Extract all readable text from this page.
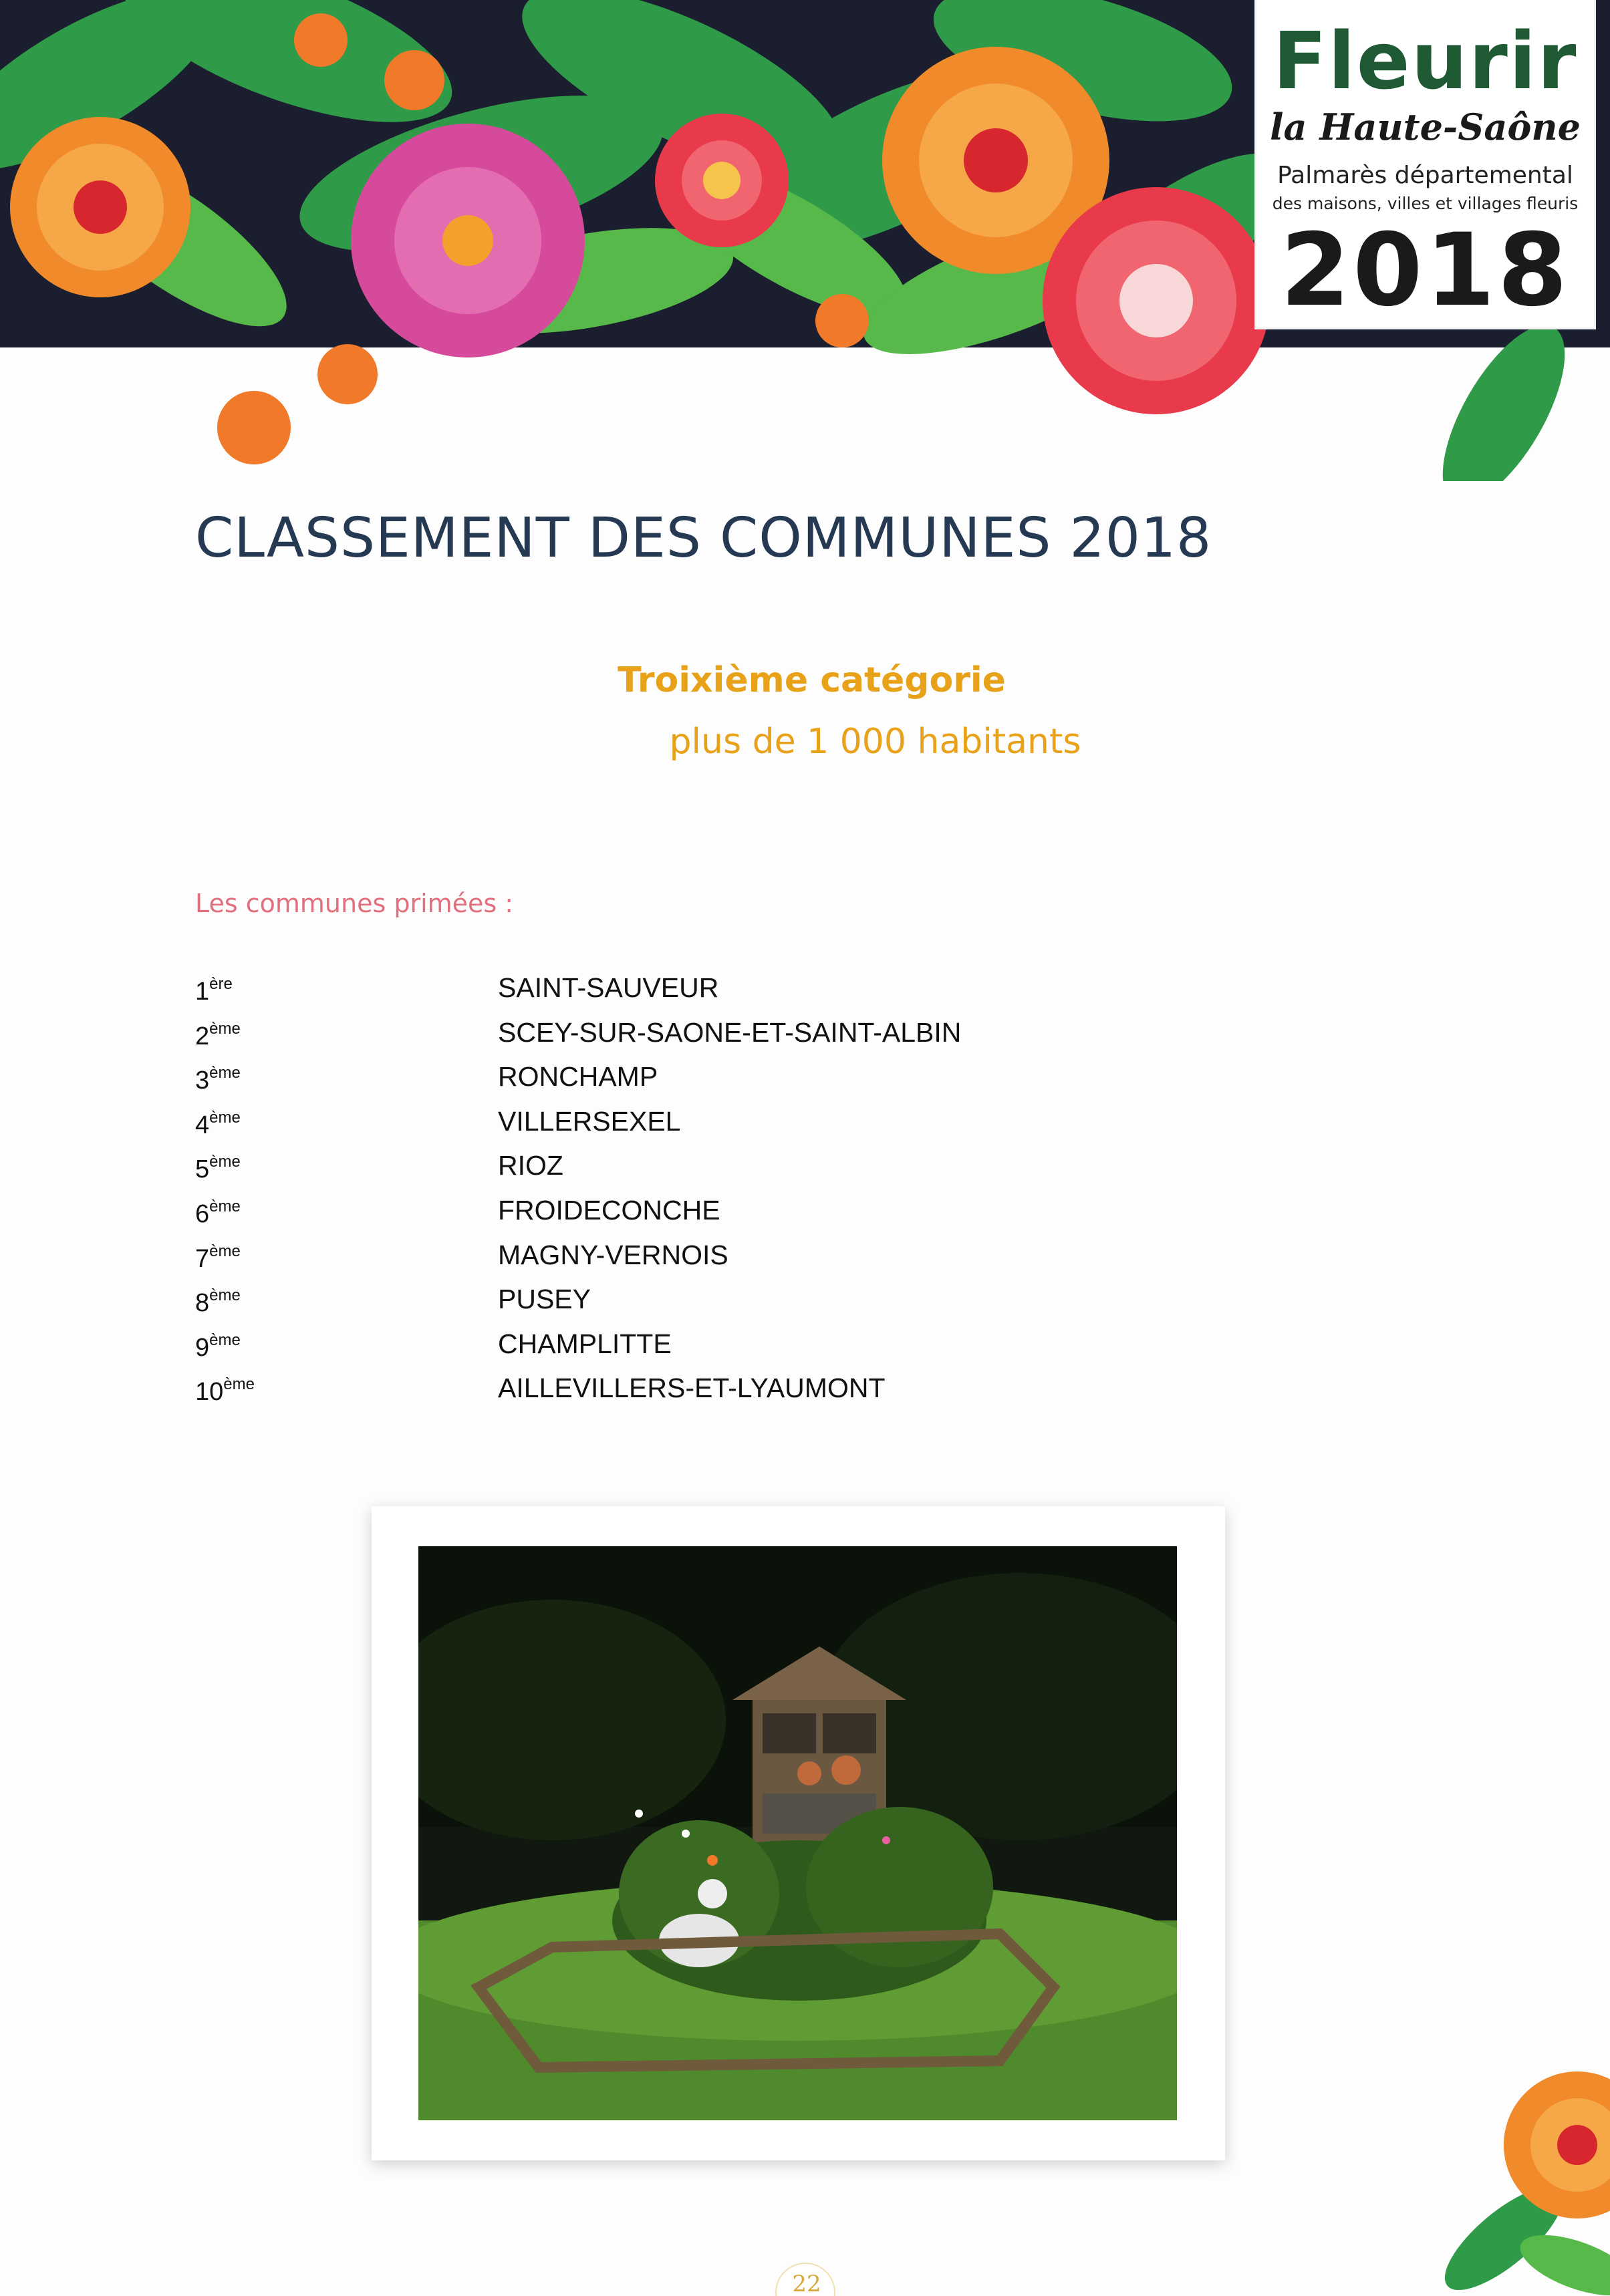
Fleurir
la Haute-Saône
Palmarès départemental
des maisons, villes et villages fleuris
2018
CLASSEMENT DES COMMUNES 2018
Troixième catégorie
plus de 1 000 habitants
Les communes primées :
1ère	SAINT-SAUVEUR
2ème	SCEY-SUR-SAONE-ET-SAINT-ALBIN
3ème	RONCHAMP
4ème	VILLERSEXEL
5ème	RIOZ
6ème	FROIDECONCHE
7ème	MAGNY-VERNOIS
8ème	PUSEY
9ème	CHAMPLITTE
10ème	AILLEVILLERS-ET-LYAUMONT
22
